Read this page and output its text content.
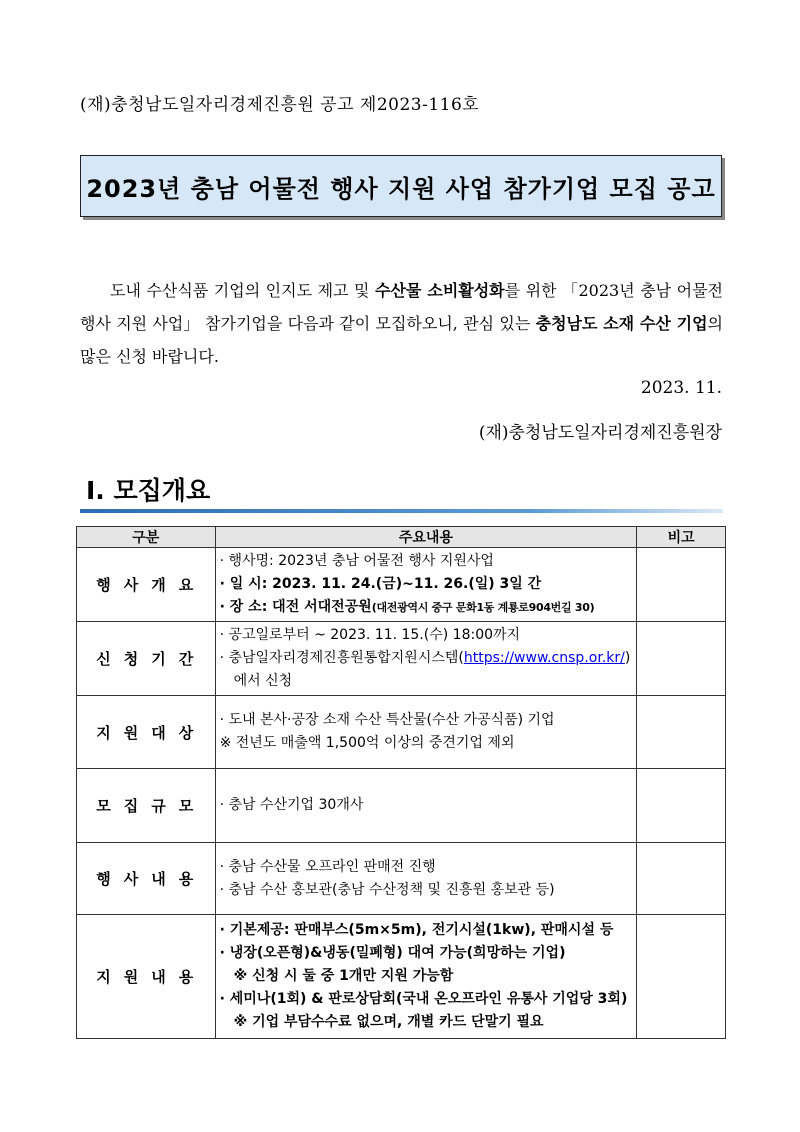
(재)충청남도일자리경제진흥원 공고 제2023-116호
2023년 충남 어물전 행사 지원 사업 참가기업 모집 공고

도내 수산식품 기업의 인지도 제고 및 수산물 소비활성화를 위한 「2023년 충남 어물전 행사 지원 사업」 참가기업을 다음과 같이 모집하오니, 관심 있는 충청남도 소재 수산 기업의 많은 신청 바랍니다.

2023. 11.
(재)충청남도일자리경제진흥원장
Ⅰ. 모집개요
구분	주요내용	비고
행사개요	· 행사명: 2023년 충남 어물전 행사 지원사업
· 일 시: 2023. 11. 24.(금)~11. 26.(일) 3일 간
· 장 소: 대전 서대전공원(대전광역시 중구 문화1동 계룡로904번길 30)	

신청기간	· 공고일로부터 ~ 2023. 11. 15.(수) 18:00까지
· 충남일자리경제진흥원통합지원시스템(https://www.cnsp.or.kr/)
에서 신청	

지원대상	· 도내 본사·공장 소재 수산 특산물(수산 가공식품) 기업
※ 전년도 매출액 1,500억 이상의 중견기업 제외	

모집규모	· 충남 수산기업 30개사	

행사내용	· 충남 수산물 오프라인 판매전 진행
· 충남 수산 홍보관(충남 수산정책 및 진흥원 홍보관 등)	

지원내용	· 기본제공: 판매부스(5m×5m), 전기시설(1kw), 판매시설 등
· 냉장(오픈형)&냉동(밀폐형) 대여 가능(희망하는 기업)
※ 신청 시 둘 중 1개만 지원 가능함
· 세미나(1회) & 판로상담회(국내 온오프라인 유통사 기업당 3회)
※ 기업 부담수수료 없으며, 개별 카드 단말기 필요	
